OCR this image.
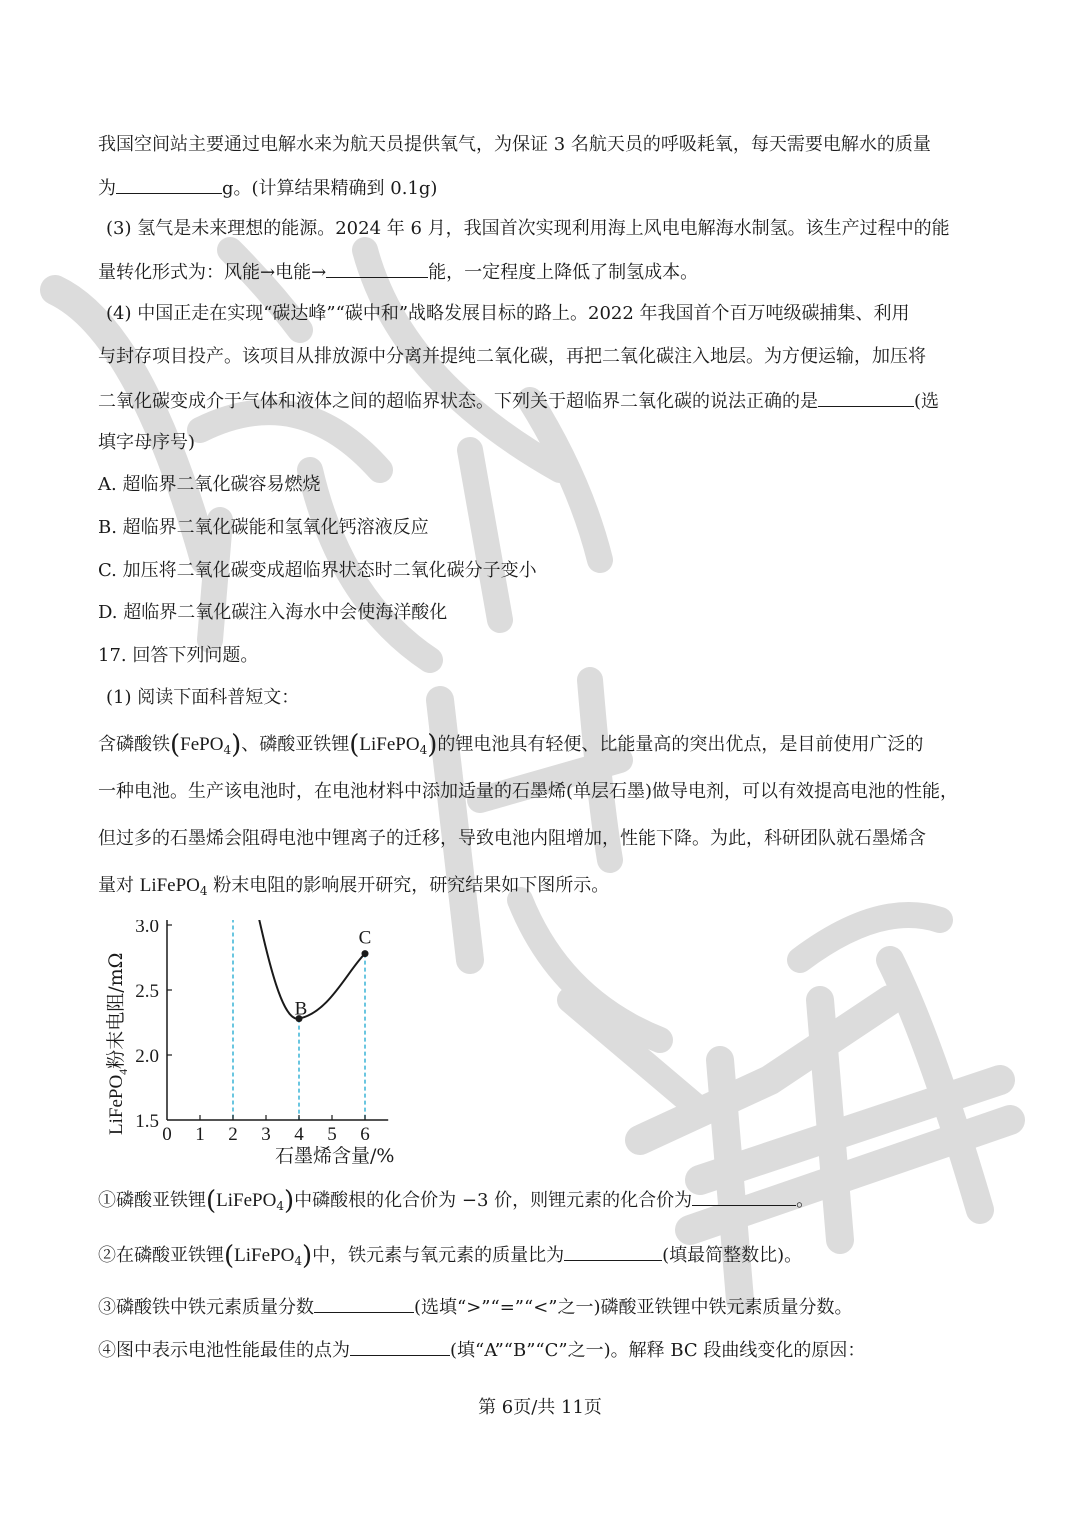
我国空间站主要通过电解水来为航天员提供氧气，为保证 3 名航天员的呼吸耗氧，每天需要电解水的质量
为	g。(计算结果精确到 0.1g)
(3) 氢气是未来理想的能源。2024 年 6 月，我国首次实现利用海上风电电解海水制氢。该生产过程中的能
量转化形式为：风能→电能→	能，一定程度上降低了制氢成本。
(4) 中国正走在实现“碳达峰”“碳中和”战略发展目标的路上。2022 年我国首个百万吨级碳捕集、利用
与封存项目投产。该项目从排放源中分离并提纯二氧化碳，再把二氧化碳注入地层。为方便运输，加压将
二氧化碳变成介于气体和液体之间的超临界状态。下列关于超临界二氧化碳的说法正确的是	(选
填字母序号)
A. 超临界二氧化碳容易燃烧
B. 超临界二氧化碳能和氢氧化钙溶液反应
C. 加压将二氧化碳变成超临界状态时二氧化碳分子变小
D. 超临界二氧化碳注入海水中会使海洋酸化
17. 回答下列问题。
(1) 阅读下面科普短文：
含磷酸铁(FePO$_4$)、磷酸亚铁锂(LiFePO$_4$)的锂电池具有轻便、比能量高的突出优点，是目前使用广泛的
一种电池。生产该电池时，在电池材料中添加适量的石墨烯(单层石墨)做导电剂，可以有效提高电池的性能，
但过多的石墨烯会阻碍电池中锂离子的迁移，导致电池内阻增加，性能下降。为此，科研团队就石墨烯含
量对 LiFePO$_4$ 粉末电阻的影响展开研究，研究结果如下图所示。
B
C
1.5
2.0
2.5
3.0
0 1 2 3 4 5 6
石墨烯含量/%
LiFePO$_4$粉末电阻/mΩ
①磷酸亚铁锂(LiFePO$_4$)中磷酸根的化合价为 −3 价，则锂元素的化合价为	。
②在磷酸亚铁锂(LiFePO$_4$)中，铁元素与氧元素的质量比为	(填最简整数比)。
③磷酸铁中铁元素质量分数	(选填“>”“=”“<”之一)磷酸亚铁锂中铁元素质量分数。
④图中表示电池性能最佳的点为	(填“A”“B”“C”之一)。解释 BC 段曲线变化的原因：
第 6页/共 11页
